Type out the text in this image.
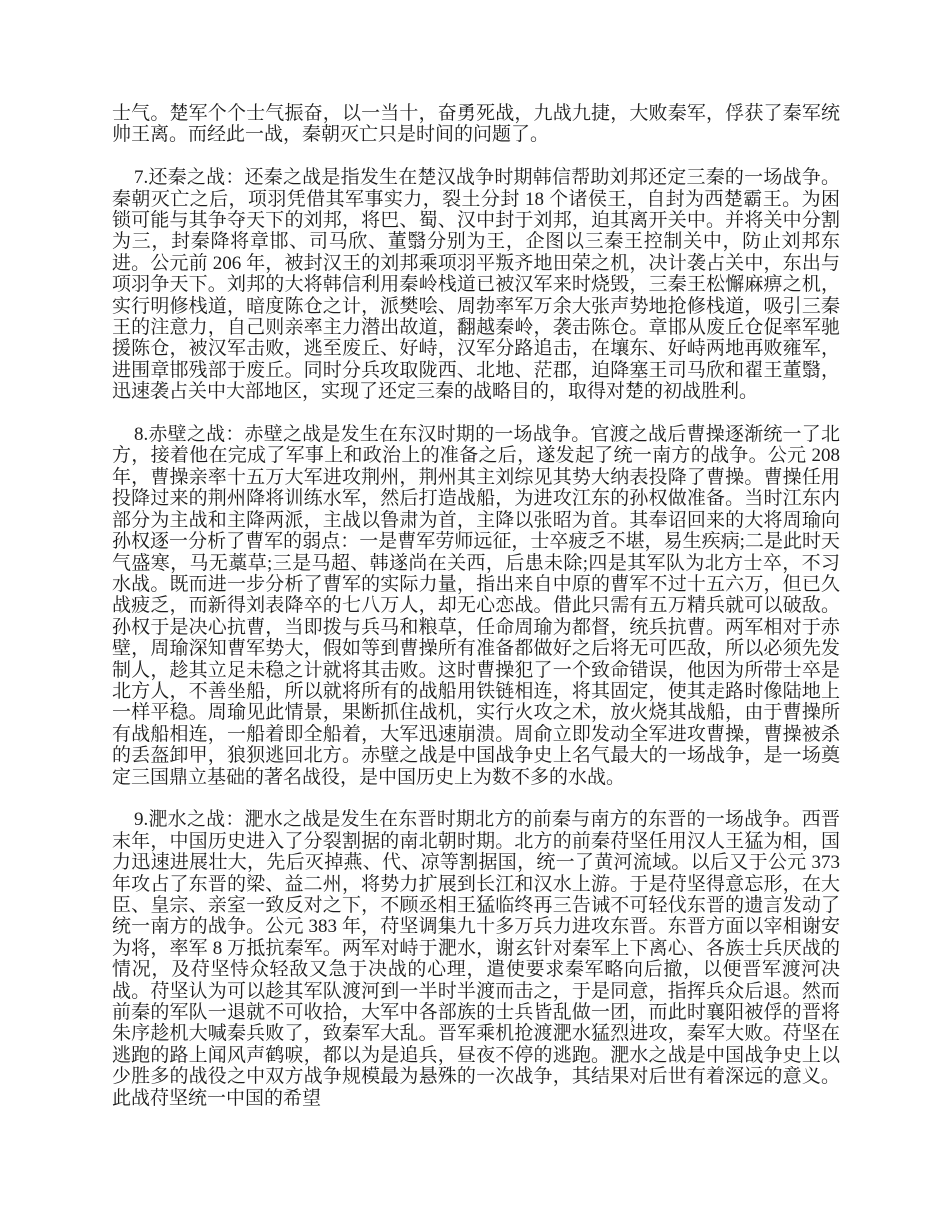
士气。楚军个个士气振奋，以一当十，奋勇死战，九战九捷，大败秦军，俘获了秦军统帅王离。而经此一战，秦朝灭亡只是时间的问题了。

7.还秦之战：还秦之战是指发生在楚汉战争时期韩信帮助刘邦还定三秦的一场战争。秦朝灭亡之后，项羽凭借其军事实力，裂土分封 18 个诸侯王，自封为西楚霸王。为困锁可能与其争夺天下的刘邦，将巴、蜀、汉中封于刘邦，迫其离开关中。并将关中分割为三，封秦降将章邯、司马欣、董翳分别为王，企图以三秦王控制关中，防止刘邦东进。公元前 206 年，被封汉王的刘邦乘项羽平叛齐地田荣之机，决计袭占关中，东出与项羽争天下。刘邦的大将韩信利用秦岭栈道已被汉军来时烧毁，三秦王松懈麻痹之机，实行明修栈道，暗度陈仓之计，派樊哙、周勃率军万余大张声势地抢修栈道，吸引三秦王的注意力，自己则亲率主力潜出故道，翻越秦岭，袭击陈仓。章邯从废丘仓促率军驰援陈仓，被汉军击败，逃至废丘、好峙，汉军分路追击，在壤东、好峙两地再败雍军，进围章邯残部于废丘。同时分兵攻取陇西、北地、茫郡，迫降塞王司马欣和翟王董翳，迅速袭占关中大部地区，实现了还定三秦的战略目的，取得对楚的初战胜利。

8.赤壁之战：赤壁之战是发生在东汉时期的一场战争。官渡之战后曹操逐渐统一了北方，接着他在完成了军事上和政治上的准备之后，遂发起了统一南方的战争。公元 208 年，曹操亲率十五万大军进攻荆州，荆州其主刘综见其势大纳表投降了曹操。曹操任用投降过来的荆州降将训练水军，然后打造战船，为进攻江东的孙权做准备。当时江东内部分为主战和主降两派，主战以鲁肃为首，主降以张昭为首。其奉诏回来的大将周瑜向孙权逐一分析了曹军的弱点：一是曹军劳师远征，士卒疲乏不堪，易生疾病;二是此时天气盛寒，马无藁草;三是马超、韩遂尚在关西，后患未除;四是其军队为北方士卒，不习水战。既而进一步分析了曹军的实际力量，指出来自中原的曹军不过十五六万，但已久战疲乏，而新得刘表降卒的七八万人，却无心恋战。借此只需有五万精兵就可以破敌。孙权于是决心抗曹，当即拨与兵马和粮草，任命周瑜为都督，统兵抗曹。两军相对于赤壁，周瑜深知曹军势大，假如等到曹操所有准备都做好之后将无可匹敌，所以必须先发制人，趁其立足未稳之计就将其击败。这时曹操犯了一个致命错误，他因为所带士卒是北方人，不善坐船，所以就将所有的战船用铁链相连，将其固定，使其走路时像陆地上一样平稳。周瑜见此情景，果断抓住战机，实行火攻之术，放火烧其战船，由于曹操所有战船相连，一船着即全船着，大军迅速崩溃。周俞立即发动全军进攻曹操，曹操被杀的丢盔卸甲，狼狈逃回北方。赤壁之战是中国战争史上名气最大的一场战争，是一场奠定三国鼎立基础的著名战役，是中国历史上为数不多的水战。

9.淝水之战：淝水之战是发生在东晋时期北方的前秦与南方的东晋的一场战争。西晋末年，中国历史进入了分裂割据的南北朝时期。北方的前秦苻坚任用汉人王猛为相，国力迅速进展壮大，先后灭掉燕、代、凉等割据国，统一了黄河流域。以后又于公元 373 年攻占了东晋的梁、益二州，将势力扩展到长江和汉水上游。于是苻坚得意忘形，在大臣、皇宗、亲室一致反对之下，不顾丞相王猛临终再三告诫不可轻伐东晋的遗言发动了统一南方的战争。公元 383 年，苻坚调集九十多万兵力进攻东晋。东晋方面以宰相谢安为将，率军 8 万抵抗秦军。两军对峙于淝水，谢玄针对秦军上下离心、各族士兵厌战的情况，及苻坚恃众轻敌又急于决战的心理，遣使要求秦军略向后撤，以便晋军渡河决战。苻坚认为可以趁其军队渡河到一半时半渡而击之，于是同意，指挥兵众后退。然而前秦的军队一退就不可收拾，大军中各部族的士兵皆乱做一团，而此时襄阳被俘的晋将朱序趁机大喊秦兵败了，致秦军大乱。晋军乘机抢渡淝水猛烈进攻，秦军大败。苻坚在逃跑的路上闻风声鹤唳，都以为是追兵，昼夜不停的逃跑。淝水之战是中国战争史上以少胜多的战役之中双方战争规模最为悬殊的一次战争，其结果对后世有着深远的意义。此战苻坚统一中国的希望
